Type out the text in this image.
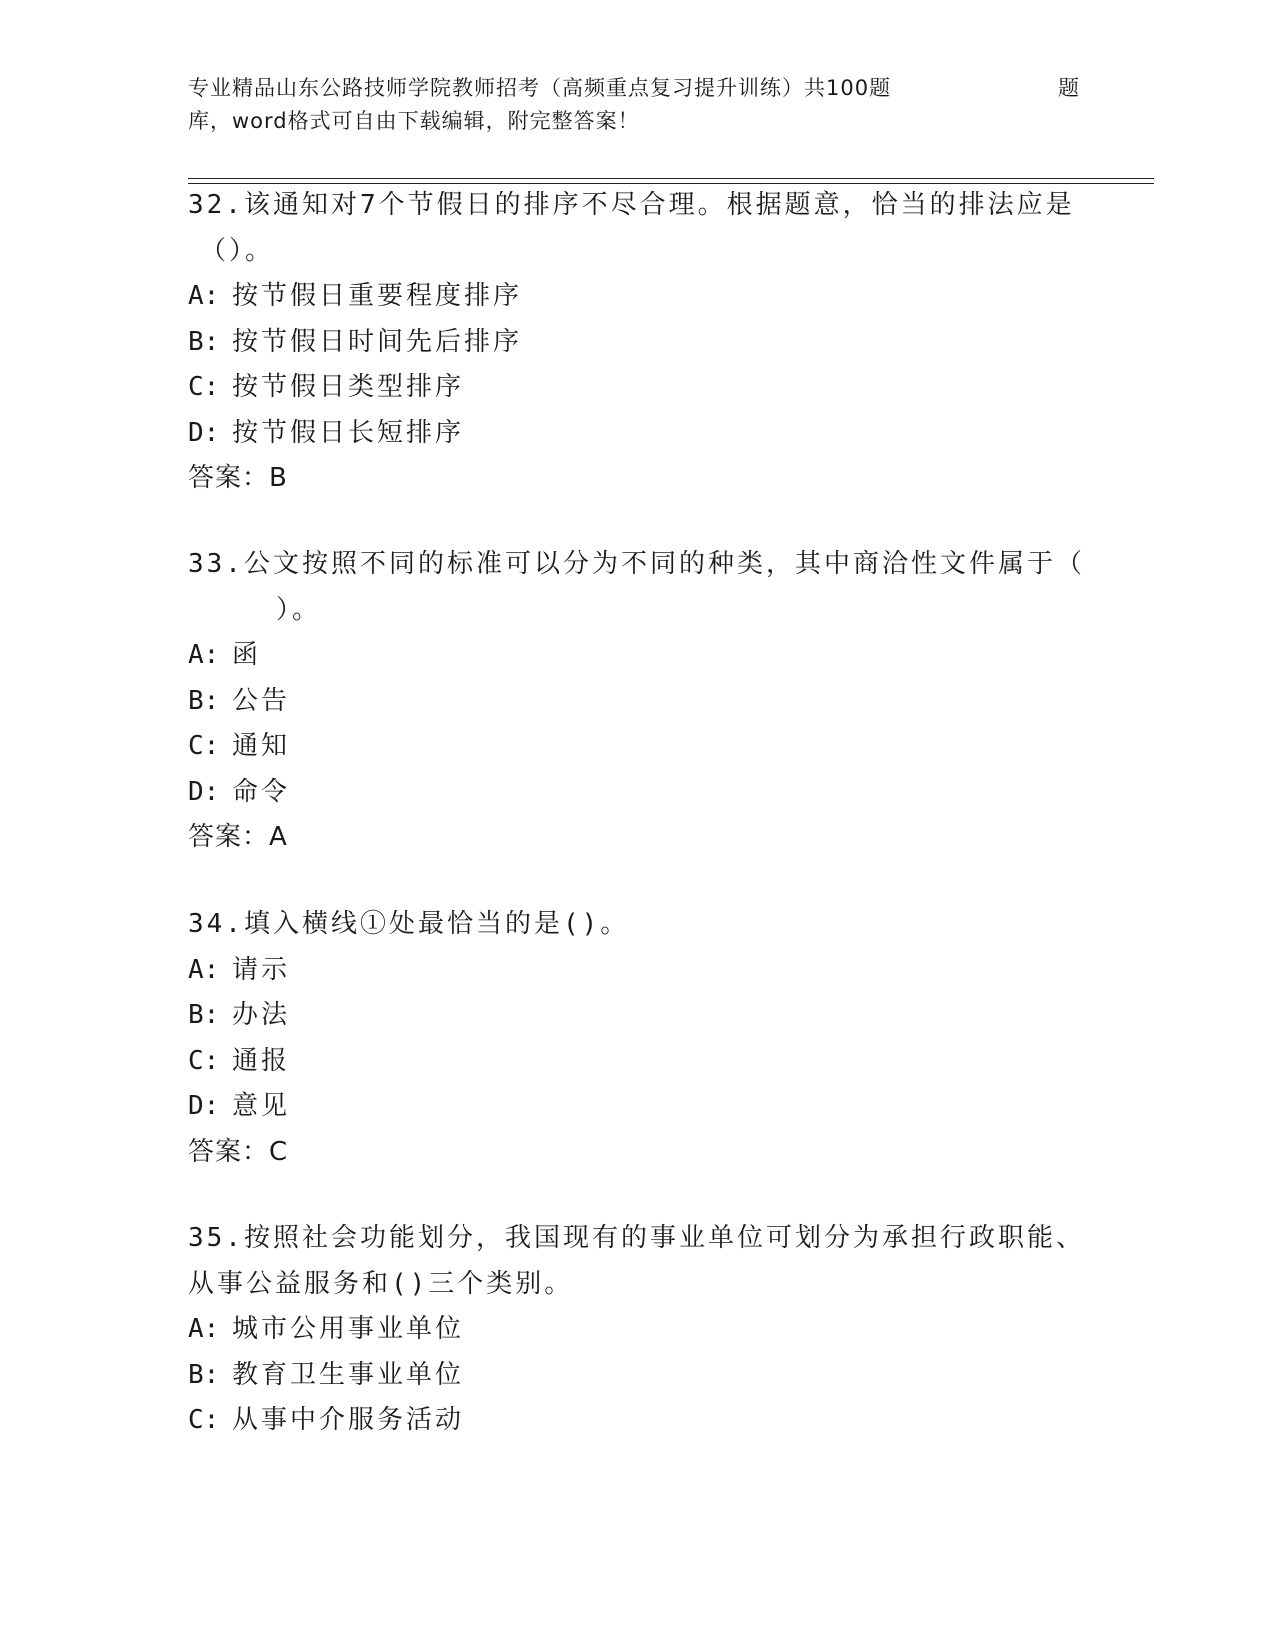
专业精品山东公路技师学院教师招考（高频重点复习提升训练）共100题	题
库，word格式可自由下载编辑，附完整答案！
32.该通知对7个节假日的排序不尽合理。根据题意，恰当的排法应是
（）。
A: 按节假日重要程度排序
B: 按节假日时间先后排序
C: 按节假日类型排序
D: 按节假日长短排序
答案：B
33.公文按照不同的标准可以分为不同的种类，其中商洽性文件属于（
）。
A: 函
B: 公告
C: 通知
D: 命令
答案：A
34.填入横线①处最恰当的是()。
A: 请示
B: 办法
C: 通报
D: 意见
答案：C
35.按照社会功能划分，我国现有的事业单位可划分为承担行政职能、
从事公益服务和()三个类别。
A: 城市公用事业单位
B: 教育卫生事业单位
C: 从事中介服务活动
